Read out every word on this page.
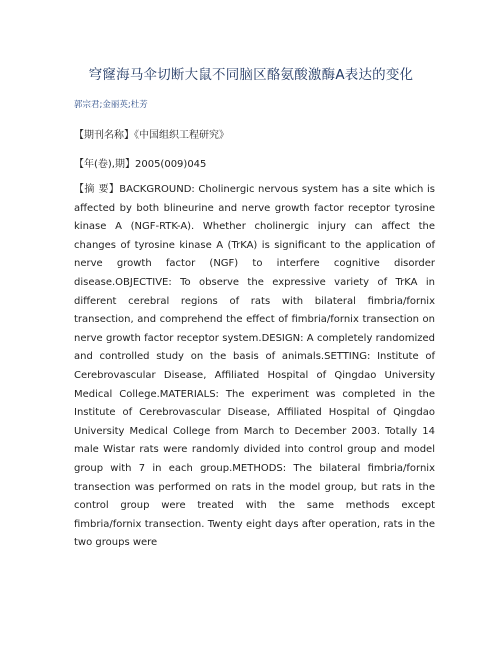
穹窿海马伞切断大鼠不同脑区酪氨酸激酶A表达的变化
郭宗君;金丽英;杜芳
【期刊名称】《中国组织工程研究》
【年(卷),期】2005(009)045
【摘 要】BACKGROUND: Cholinergic nervous system has a site which is affected by both blineurine and nerve growth factor receptor tyrosine kinase A (NGF-RTK-A). Whether cholinergic injury can affect the changes of tyrosine kinase A (TrKA) is significant to the application of nerve growth factor (NGF) to interfere cognitive disorder disease.OBJECTIVE: To observe the expressive variety of TrKA in different cerebral regions of rats with bilateral fimbria/fornix transection, and comprehend the effect of fimbria/fornix transection on nerve growth factor receptor system.DESIGN: A completely randomized and controlled study on the basis of animals.SETTING: Institute of Cerebrovascular Disease, Affiliated Hospital of Qingdao University Medical College.MATERIALS: The experiment was completed in the Institute of Cerebrovascular Disease, Affiliated Hospital of Qingdao University Medical College from March to December 2003. Totally 14 male Wistar rats were randomly divided into control group and model group with 7 in each group.METHODS: The bilateral fimbria/fornix transection was performed on rats in the model group, but rats in the control group were treated with the same methods except fimbria/fornix transection. Twenty eight days after operation, rats in the two groups were
